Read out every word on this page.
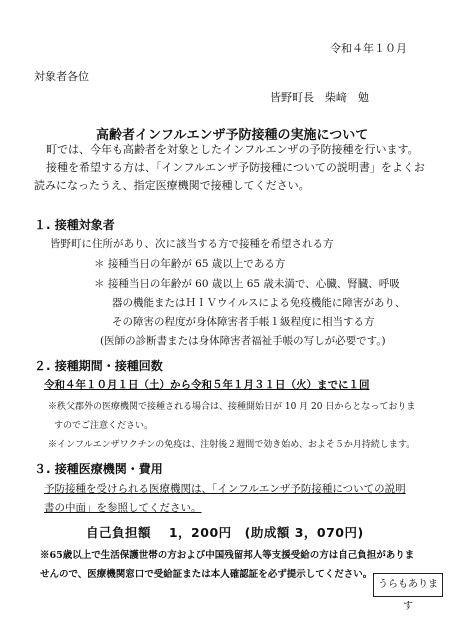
令和４年１０月
対象者各位
皆野町長　柴﨑　勉
高齢者インフルエンザ予防接種の実施について
町では、今年も高齢者を対象としたインフルエンザの予防接種を行います。
接種を希望する方は、「インフルエンザ予防接種についての説明書」をよくお
読みになったうえ、指定医療機関で接種してください。
１. 接種対象者
皆野町に住所があり、次に該当する方で接種を希望される方
＊ 接種当日の年齢が 65 歳以上である方
＊ 接種当日の年齢が 60 歳以上 65 歳未満で、心臓、腎臓、呼吸
器の機能またはＨＩＶウイルスによる免疫機能に障害があり、
その障害の程度が身体障害者手帳１級程度に相当する方
(医師の診断書または身体障害者福祉手帳の写しが必要です。)
２. 接種期間・接種回数
令和４年１０月１日（土）から令和５年１月３１日（火）までに１回
※秩父郡外の医療機関で接種される場合は、接種開始日が 10 月 20 日からとなっておりま
すのでご注意ください。
※インフルエンザワクチンの免疫は、注射後２週間で効き始め、およそ５か月持続します。
３. 接種医療機関・費用
予防接種を受けられる医療機関は、「インフルエンザ予防接種についての説明
書の中面」を参照してください。
自己負担額　 1，200円　(助成額 3，070円)
※65歳以上で生活保護世帯の方および中国残留邦人等支援受給の方は自己負担がありま
せんので、医療機関窓口で受給証または本人確認証を必ず提示してください。
うらもあります
